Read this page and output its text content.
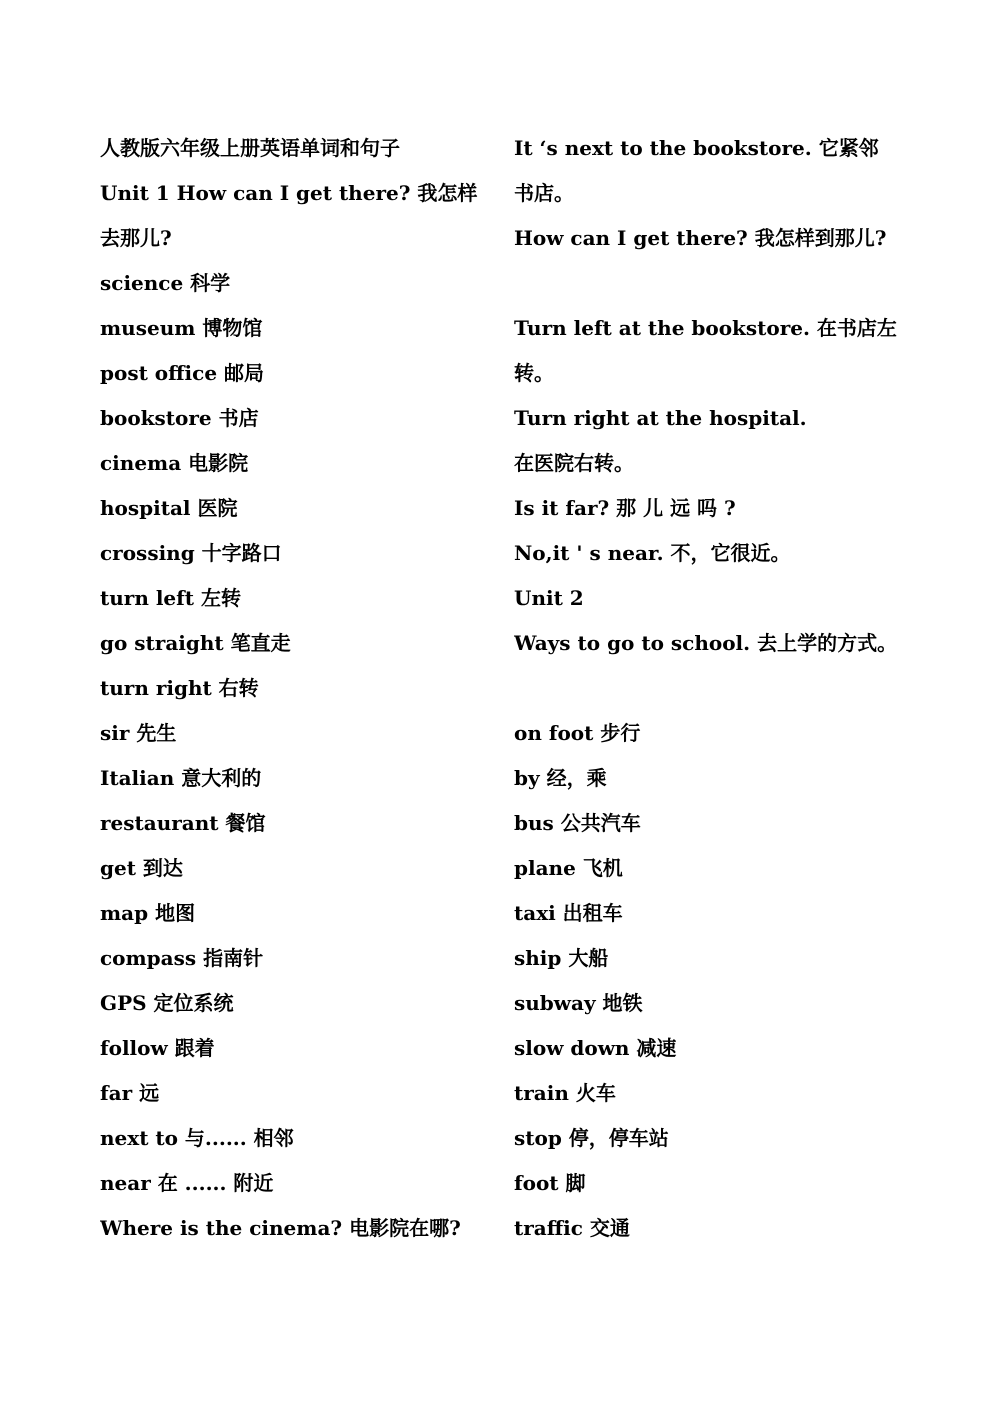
人教版六年级上册英语单词和句子
Unit 1 How can I get there? 我怎样
去那儿?
science 科学
museum 博物馆
post office 邮局
bookstore 书店
cinema 电影院
hospital 医院
crossing 十字路口
turn left 左转
go straight 笔直走
turn right 右转
sir 先生
Italian 意大利的
restaurant 餐馆
get 到达
map 地图
compass 指南针
GPS 定位系统
follow 跟着
far 远
next to 与...... 相邻
near 在 ...... 附近
Where is the cinema? 电影院在哪?
It ‘s next to the bookstore. 它紧邻
书店。
How can I get there? 我怎样到那儿?
Turn left at the bookstore. 在书店左
转。
Turn right at the hospital.
在医院右转。
Is it far? 那 儿 远 吗 ?
No,it ' s near. 不，它很近。
Unit 2
Ways to go to school. 去上学的方式。
on foot 步行
by 经，乘
bus 公共汽车
plane 飞机
taxi 出租车
ship 大船
subway 地铁
slow down 减速
train 火车
stop 停，停车站
foot 脚
traffic 交通
